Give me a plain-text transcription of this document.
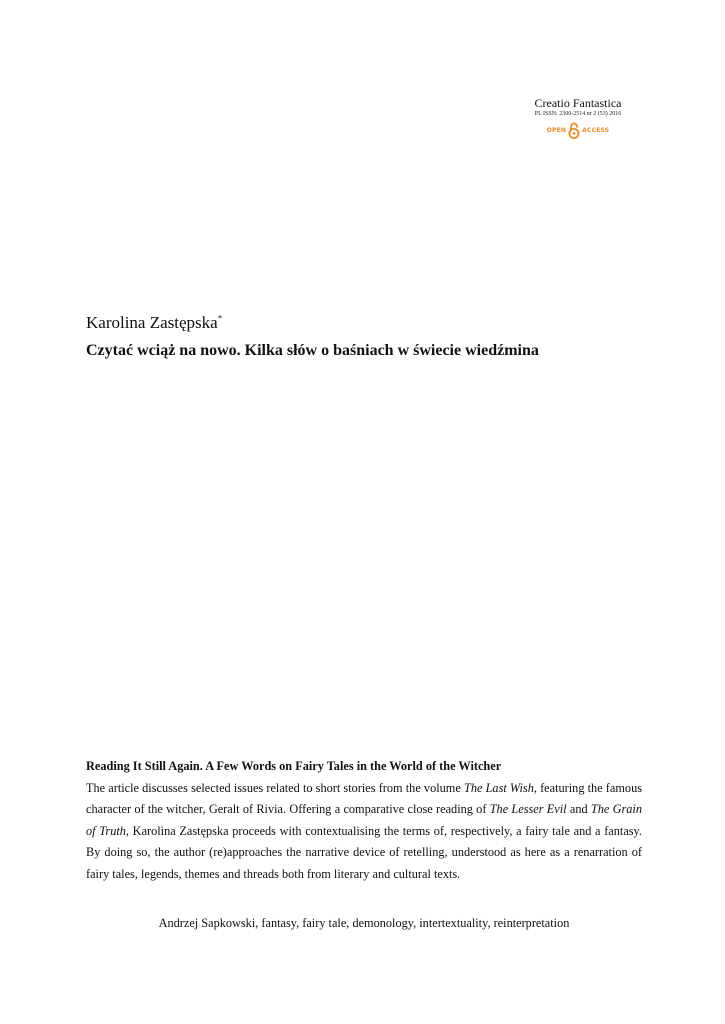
Creatio Fantastica
PL ISSN: 2300-2514 nr 2 (53) 2016
OPEN	ACCESS
Karolina Zastępska*
Czytać wciąż na nowo. Kilka słów o baśniach w świecie wiedźmina
Reading It Still Again. A Few Words on Fairy Tales in the World of the Witcher
The article discusses selected issues related to short stories from the volume The Last Wish, featuring the famous character of the witcher, Geralt of Rivia. Offering a comparative close reading of The Lesser Evil and The Grain of Truth, Karolina Zastępska proceeds with contextualising the terms of, respectively, a fairy tale and a fantasy. By doing so, the author (re)approaches the narrative device of retelling, understood as here as a renarration of fairy tales, legends, themes and threads both from literary and cultural texts.
Andrzej Sapkowski, fantasy, fairy tale, demonology, intertextuality, reinterpretation
